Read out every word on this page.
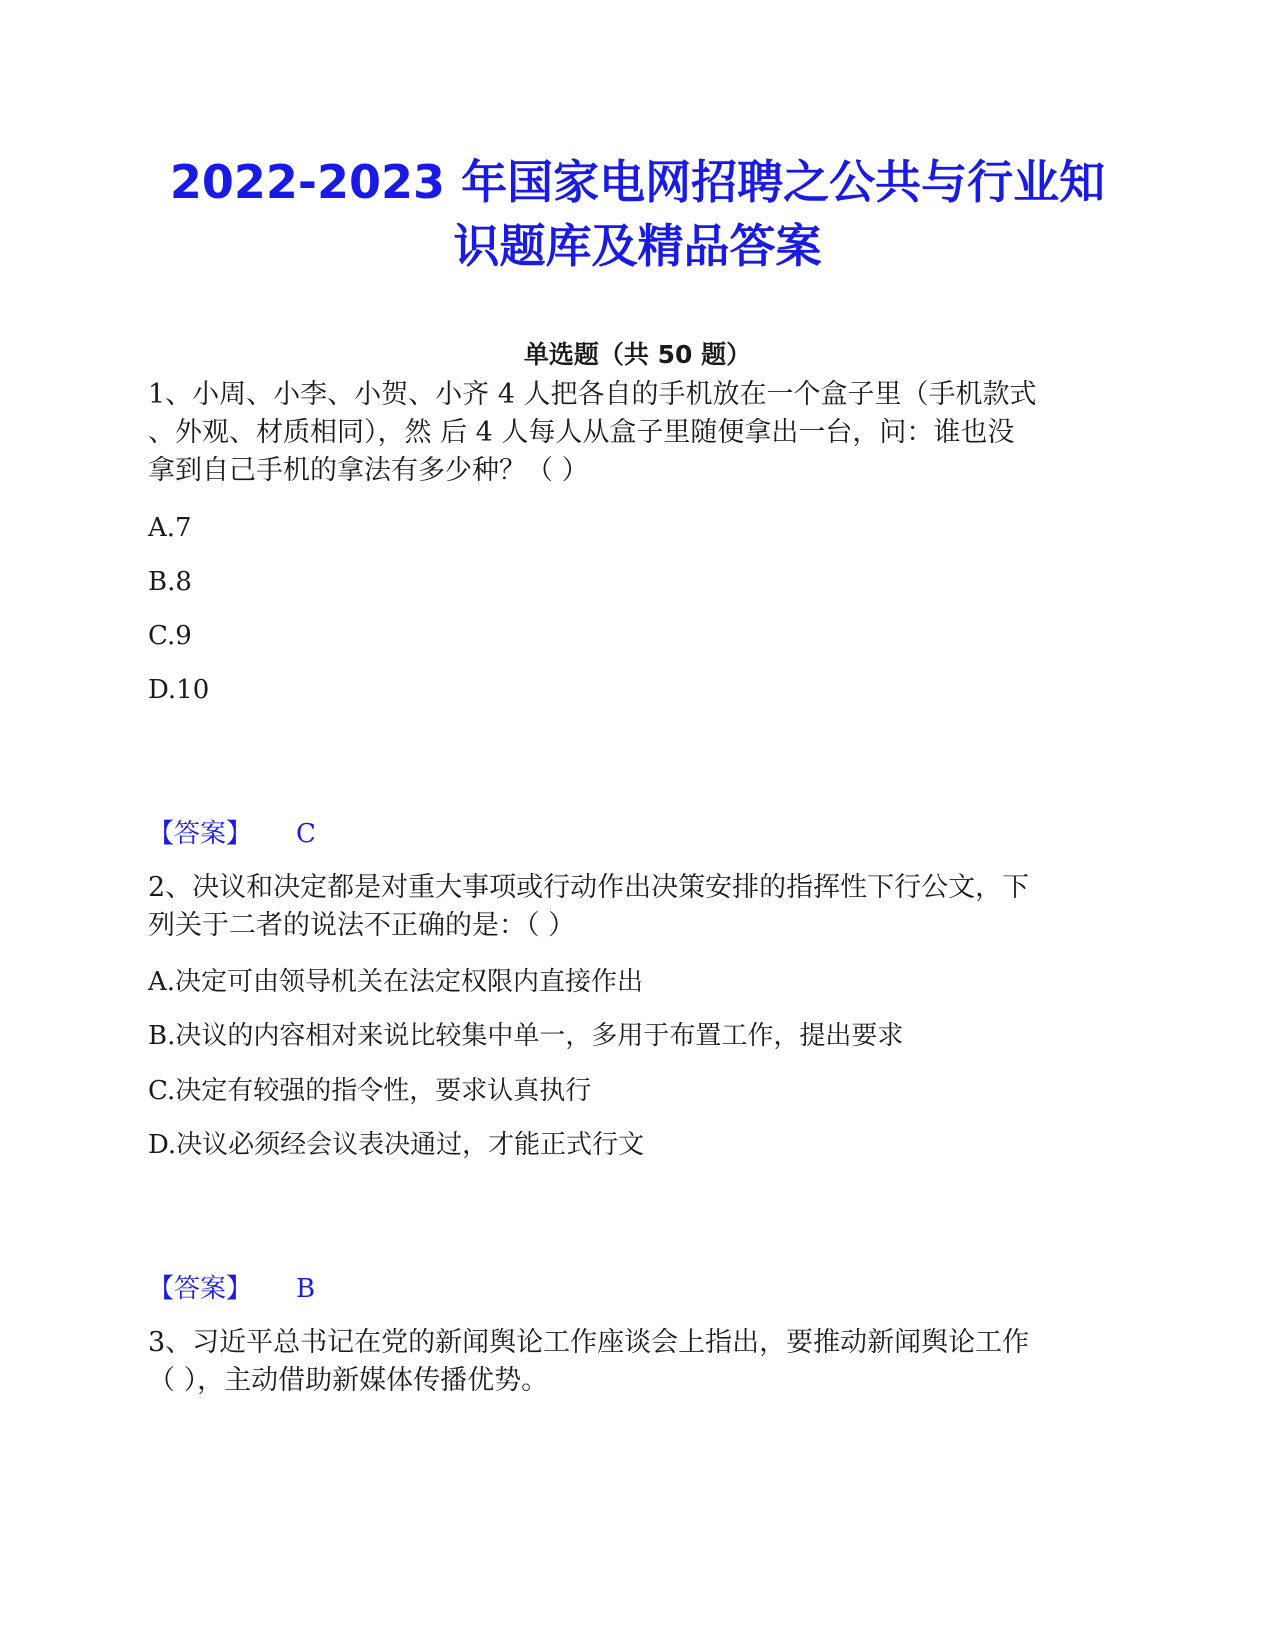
2022-2023 年国家电网招聘之公共与行业知
识题库及精品答案
单选题（共 50 题）
1、小周、小李、小贺、小齐 4 人把各自的手机放在一个盒子里（手机款式
、外观、材质相同），然 后 4 人每人从盒子里随便拿出一台，问：谁也没
拿到自己手机的拿法有多少种？（ ）
A.7
B.8
C.9
D.10
【答案】 C
2、决议和决定都是对重大事项或行动作出决策安排的指挥性下行公文，下
列关于二者的说法不正确的是：（ ）
A.决定可由领导机关在法定权限内直接作出
B.决议的内容相对来说比较集中单一，多用于布置工作，提出要求
C.决定有较强的指令性，要求认真执行
D.决议必须经会议表决通过，才能正式行文
【答案】 B
3、习近平总书记在党的新闻舆论工作座谈会上指出，要推动新闻舆论工作
（ ），主动借助新媒体传播优势。
